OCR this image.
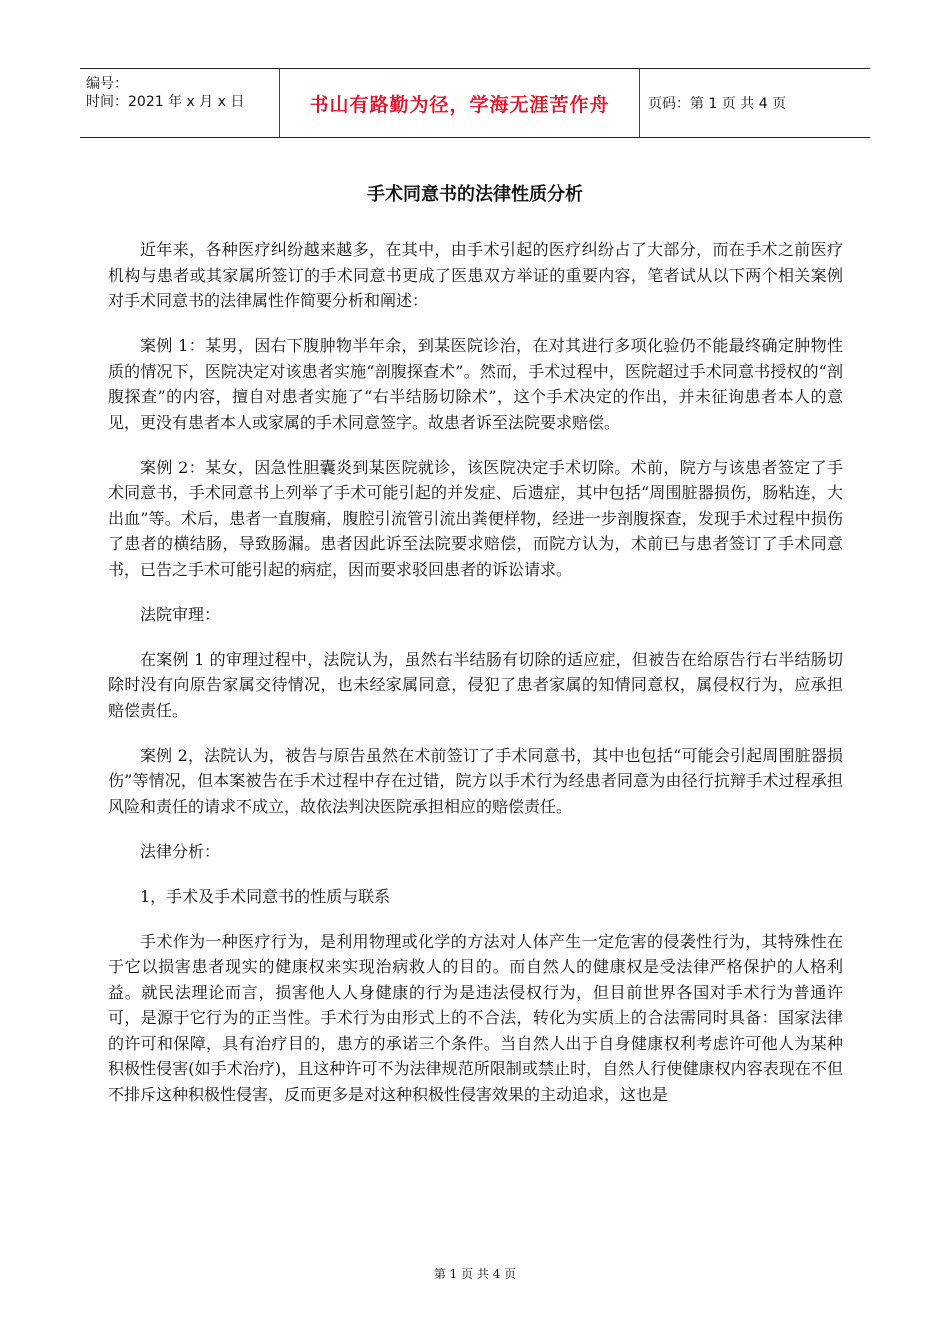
编号：
时间：2021 年 x 月 x 日	书山有路勤为径，学海无涯苦作舟	页码：第 1 页 共 4 页
手术同意书的法律性质分析

近年来，各种医疗纠纷越来越多，在其中，由手术引起的医疗纠纷占了大部分，而在手术之前医疗机构与患者或其家属所签订的手术同意书更成了医患双方举证的重要内容，笔者试从以下两个相关案例对手术同意书的法律属性作简要分析和阐述：

案例 1：某男，因右下腹肿物半年余，到某医院诊治，在对其进行多项化验仍不能最终确定肿物性质的情况下，医院决定对该患者实施“剖腹探查术”。然而，手术过程中，医院超过手术同意书授权的“剖腹探查”的内容，擅自对患者实施了“右半结肠切除术”，这个手术决定的作出，并未征询患者本人的意见，更没有患者本人或家属的手术同意签字。故患者诉至法院要求赔偿。

案例 2：某女，因急性胆囊炎到某医院就诊，该医院决定手术切除。术前，院方与该患者签定了手术同意书，手术同意书上列举了手术可能引起的并发症、后遗症，其中包括“周围脏器损伤，肠粘连，大出血”等。术后，患者一直腹痛，腹腔引流管引流出粪便样物，经进一步剖腹探查，发现手术过程中损伤了患者的横结肠，导致肠漏。患者因此诉至法院要求赔偿，而院方认为，术前已与患者签订了手术同意书，已告之手术可能引起的病症，因而要求驳回患者的诉讼请求。

法院审理：

在案例 1 的审理过程中，法院认为，虽然右半结肠有切除的适应症，但被告在给原告行右半结肠切除时没有向原告家属交待情况，也未经家属同意，侵犯了患者家属的知情同意权，属侵权行为，应承担赔偿责任。

案例 2，法院认为，被告与原告虽然在术前签订了手术同意书，其中也包括“可能会引起周围脏器损伤”等情况，但本案被告在手术过程中存在过错，院方以手术行为经患者同意为由径行抗辩手术过程承担风险和责任的请求不成立，故依法判决医院承担相应的赔偿责任。

法律分析：

1，手术及手术同意书的性质与联系

手术作为一种医疗行为，是利用物理或化学的方法对人体产生一定危害的侵袭性行为，其特殊性在于它以损害患者现实的健康权来实现治病救人的目的。而自然人的健康权是受法律严格保护的人格利益。就民法理论而言，损害他人人身健康的行为是违法侵权行为，但目前世界各国对手术行为普通许可，是源于它行为的正当性。手术行为由形式上的不合法，转化为实质上的合法需同时具备：国家法律 的许可和保障，具有治疗目的，患方的承诺三个条件。当自然人出于自身健康权利考虑许可他人为某种积极性侵害(如手术治疗)，且这种许可不为法律规范所限制或禁止时，自然人行使健康权内容表现在不但不排斥这种积极性侵害，反而更多是对这种积极性侵害效果的主动追求，这也是

第 1 页 共 4 页
